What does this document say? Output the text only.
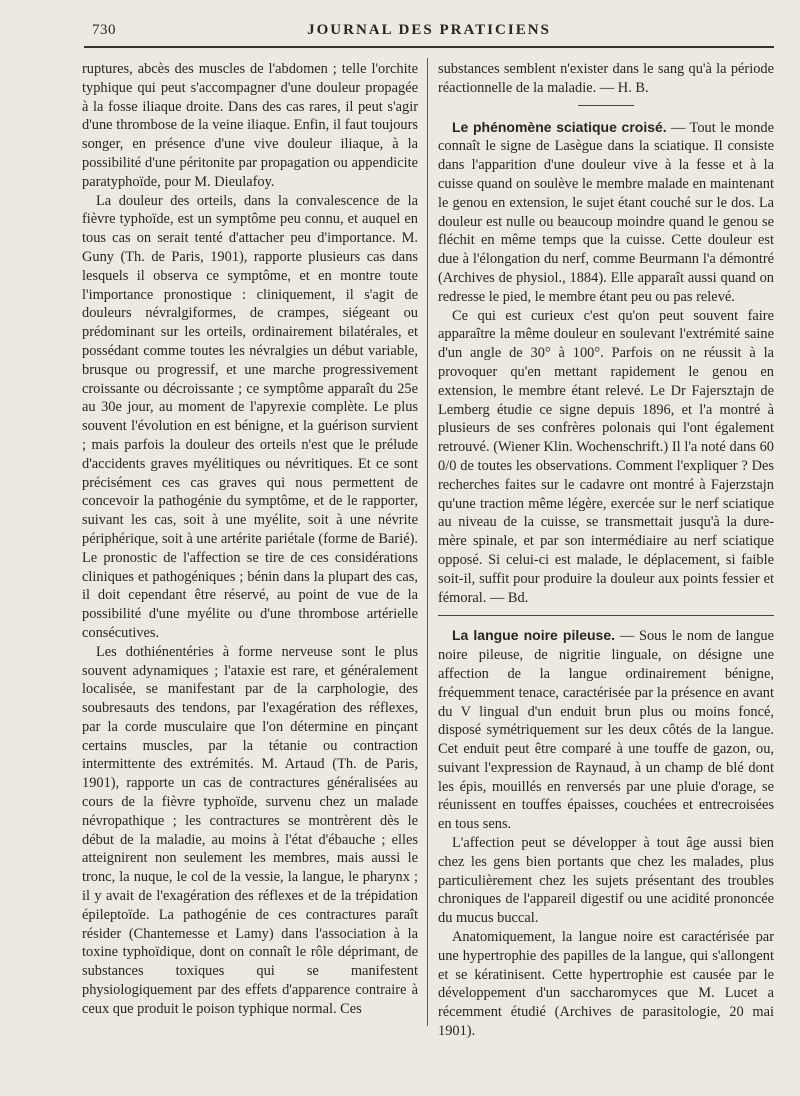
730	JOURNAL DES PRATICIENS

ruptures, abcès des muscles de l'abdomen ; telle l'orchite typhique qui peut s'accompagner d'une douleur propagée à la fosse iliaque droite. Dans des cas rares, il peut s'agir d'une thrombose de la veine iliaque. Enfin, il faut toujours songer, en présence d'une vive douleur iliaque, à la possibilité d'une péritonite par propagation ou appendicite paratyphoïde, pour M. Dieulafoy.

La douleur des orteils, dans la convalescence de la fièvre typhoïde, est un symptôme peu connu, et auquel en tous cas on serait tenté d'attacher peu d'importance. M. Guny (Th. de Paris, 1901), rapporte plusieurs cas dans lesquels il observa ce symptôme, et en montre toute l'importance pronostique : cliniquement, il s'agit de douleurs névralgiformes, de crampes, siégeant ou prédominant sur les orteils, ordinairement bilatérales, et possédant comme toutes les névralgies un début variable, brusque ou progressif, et une marche progressivement croissante ou décroissante ; ce symptôme apparaît du 25e au 30e jour, au moment de l'apyrexie complète. Le plus souvent l'évolution en est bénigne, et la guérison survient ; mais parfois la douleur des orteils n'est que le prélude d'accidents graves myélitiques ou névritiques. Et ce sont précisément ces cas graves qui nous permettent de concevoir la pathogénie du symptôme, et de le rapporter, suivant les cas, soit à une myélite, soit à une névrite périphérique, soit à une artérite pariétale (forme de Barié). Le pronostic de l'affection se tire de ces considérations cliniques et pathogéniques ; bénin dans la plupart des cas, il doit cependant être réservé, au point de vue de la possibilité d'une myélite ou d'une thrombose artérielle consécutives.

Les dothiénentéries à forme nerveuse sont le plus souvent adynamiques ; l'ataxie est rare, et généralement localisée, se manifestant par de la carphologie, des soubresauts des tendons, par l'exagération des réflexes, par la corde musculaire que l'on détermine en pinçant certains muscles, par la tétanie ou contraction intermittente des extrémités. M. Artaud (Th. de Paris, 1901), rapporte un cas de contractures généralisées au cours de la fièvre typhoïde, survenu chez un malade névropathique ; les contractures se montrèrent dès le début de la maladie, au moins à l'état d'ébauche ; elles atteignirent non seulement les membres, mais aussi le tronc, la nuque, le col de la vessie, la langue, le pharynx ; il y avait de l'exagération des réflexes et de la trépidation épileptoïde. La pathogénie de ces contractures paraît résider (Chantemesse et Lamy) dans l'association à la toxine typhoïdique, dont on connaît le rôle déprimant, de substances toxiques qui se manifestent physiologiquement par des effets d'apparence contraire à ceux que produit le poison typhique normal. Ces

substances semblent n'exister dans le sang qu'à la période réactionnelle de la maladie. — H. B.

Le phénomène sciatique croisé. — Tout le monde connaît le signe de Lasègue dans la sciatique. Il consiste dans l'apparition d'une douleur vive à la fesse et à la cuisse quand on soulève le membre malade en maintenant le genou en extension, le sujet étant couché sur le dos. La douleur est nulle ou beaucoup moindre quand le genou se fléchit en même temps que la cuisse. Cette douleur est due à l'élongation du nerf, comme Beurmann l'a démontré (Archives de physiol., 1884). Elle apparaît aussi quand on redresse le pied, le membre étant peu ou pas relevé.

Ce qui est curieux c'est qu'on peut souvent faire apparaître la même douleur en soulevant l'extrémité saine d'un angle de 30° à 100°. Parfois on ne réussit à la provoquer qu'en mettant rapidement le genou en extension, le membre étant relevé. Le Dr Fajersztajn de Lemberg étudie ce signe depuis 1896, et l'a montré à plusieurs de ses confrères polonais qui l'ont également retrouvé. (Wiener Klin. Wochenschrift.) Il l'a noté dans 60 0/0 de toutes les observations. Comment l'expliquer ? Des recherches faites sur le cadavre ont montré à Fajerzstajn qu'une traction même légère, exercée sur le nerf sciatique au niveau de la cuisse, se transmettait jusqu'à la dure-mère spinale, et par son intermédiaire au nerf sciatique opposé. Si celui-ci est malade, le déplacement, si faible soit-il, suffit pour produire la douleur aux points fessier et fémoral. — Bd.

La langue noire pileuse. — Sous le nom de langue noire pileuse, de nigritie linguale, on désigne une affection de la langue ordinairement bénigne, fréquemment tenace, caractérisée par la présence en avant du V lingual d'un enduit brun plus ou moins foncé, disposé symétriquement sur les deux côtés de la langue. Cet enduit peut être comparé à une touffe de gazon, ou, suivant l'expression de Raynaud, à un champ de blé dont les épis, mouillés en renversés par une pluie d'orage, se réunissent en touffes épaisses, couchées et entrecroisées en tous sens.

L'affection peut se développer à tout âge aussi bien chez les gens bien portants que chez les malades, plus particulièrement chez les sujets présentant des troubles chroniques de l'appareil digestif ou une acidité prononcée du mucus buccal.

Anatomiquement, la langue noire est caractérisée par une hypertrophie des papilles de la langue, qui s'allongent et se kératinisent. Cette hypertrophie est causée par le développement d'un saccharomyces que M. Lucet a récemment étudié (Archives de parasitologie, 20 mai 1901).
